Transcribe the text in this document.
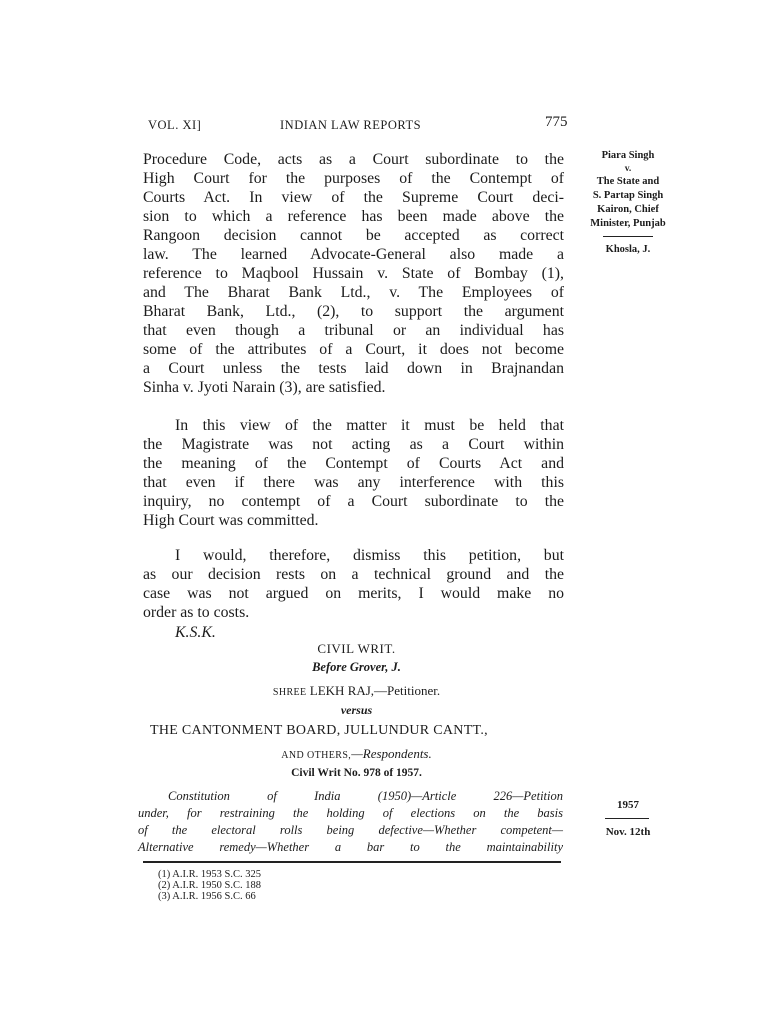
VOL. XI]	INDIAN LAW REPORTS	775
Piara Singh
v.
The State and
S. Partap Singh
Kairon, Chief
Minister, Punjab
Khosla, J.
Procedure Code, acts as a Court subordinate to the
High Court for the purposes of the Contempt of
Courts Act. In view of the Supreme Court deci-
sion to which a reference has been made above the
Rangoon decision cannot be accepted as correct
law. The learned Advocate-General also made a
reference to Maqbool Hussain v. State of Bombay (1),
and The Bharat Bank Ltd., v. The Employees of
Bharat Bank, Ltd., (2), to support the argument
that even though a tribunal or an individual has
some of the attributes of a Court, it does not become
a Court unless the tests laid down in Brajnandan
Sinha v. Jyoti Narain (3), are satisfied.
In this view of the matter it must be held that
the Magistrate was not acting as a Court within
the meaning of the Contempt of Courts Act and
that even if there was any interference with this
inquiry, no contempt of a Court subordinate to the
High Court was committed.
I would, therefore, dismiss this petition, but
as our decision rests on a technical ground and the
case was not argued on merits, I would make no
order as to costs.
K.S.K.
CIVIL WRIT.
Before Grover, J.
SHREE LEKH RAJ,—Petitioner.
versus
THE CANTONMENT BOARD, JULLUNDUR CANTT.,
AND OTHERS,—Respondents.
Civil Writ No. 978 of 1957.
Constitution of India (1950)—Article 226—Petition
under, for restraining the holding of elections on the basis
of the electoral rolls being defective—Whether competent—
Alternative remedy—Whether a bar to the maintainability
1957
Nov. 12th
(1) A.I.R. 1953 S.C. 325
(2) A.I.R. 1950 S.C. 188
(3) A.I.R. 1956 S.C. 66
